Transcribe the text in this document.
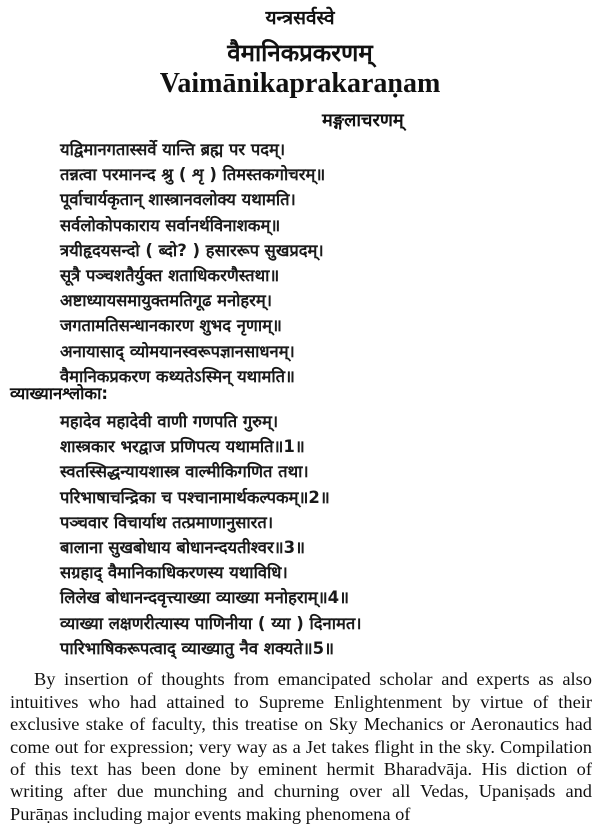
यन्त्रसर्वस्वे
वैमानिकप्रकरणम्
Vaimānikaprakaraṇam
मङ्गलाचरणम्
यद्विमानगतास्सर्वे यान्ति ब्रह्म पर पदम्।
तन्नत्वा परमानन्द श्रु ( शृ ) तिमस्तकगोचरम्॥
पूर्वाचार्यकृतान् शास्त्रानवलोक्य यथामति।
सर्वलोकोपकाराय सर्वानर्थविनाशकम्॥
त्रयीहृदयसन्दो ( ब्दो? ) हसाररूप सुखप्रदम्।
सूत्रै पञ्चशतैर्युक्त शताधिकरणैस्तथा॥
अष्टाध्यायसमायुक्तमतिगूढ मनोहरम्।
जगतामतिसन्धानकारण शुभद नृणाम्॥
अनायासाद् व्योमयानस्वरूपज्ञानसाधनम्।
वैमानिकप्रकरण कथ्यतेऽस्मिन् यथामति॥
व्याख्यानश्लोका:
महादेव महादेवी वाणी गणपति गुरुम्।
शास्त्रकार भरद्वाज प्रणिपत्य यथामति॥1॥
स्वतस्सिद्धन्यायशास्त्र वाल्मीकिगणित तथा।
परिभाषाचन्द्रिका च पश्चानामार्थकल्पकम्॥2॥
पञ्चवार विचार्याथ तत्प्रमाणानुसारत।
बालाना सुखबोधाय बोधानन्दयतीश्वर॥3॥
सग्रहाद् वैमानिकाधिकरणस्य यथाविधि।
लिलेख बोधानन्दवृत्त्याख्या व्याख्या मनोहराम्॥4॥
व्याख्या लक्षणरीत्यास्य पाणिनीया ( य्या ) दिनामत।
पारिभाषिकरूपत्वाद् व्याख्यातु नैव शक्यते॥5॥

By insertion of thoughts from emancipated scholar and experts as also intuitives who had attained to Supreme Enlightenment by virtue of their exclusive stake of faculty, this treatise on Sky Mechanics or Aeronautics had come out for expression; very way as a Jet takes flight in the sky. Compilation of this text has been done by eminent hermit Bharadvāja. His diction of writing after due munching and churning over all Vedas, Upaniṣads and Purāṇas including major events making phenomena of
